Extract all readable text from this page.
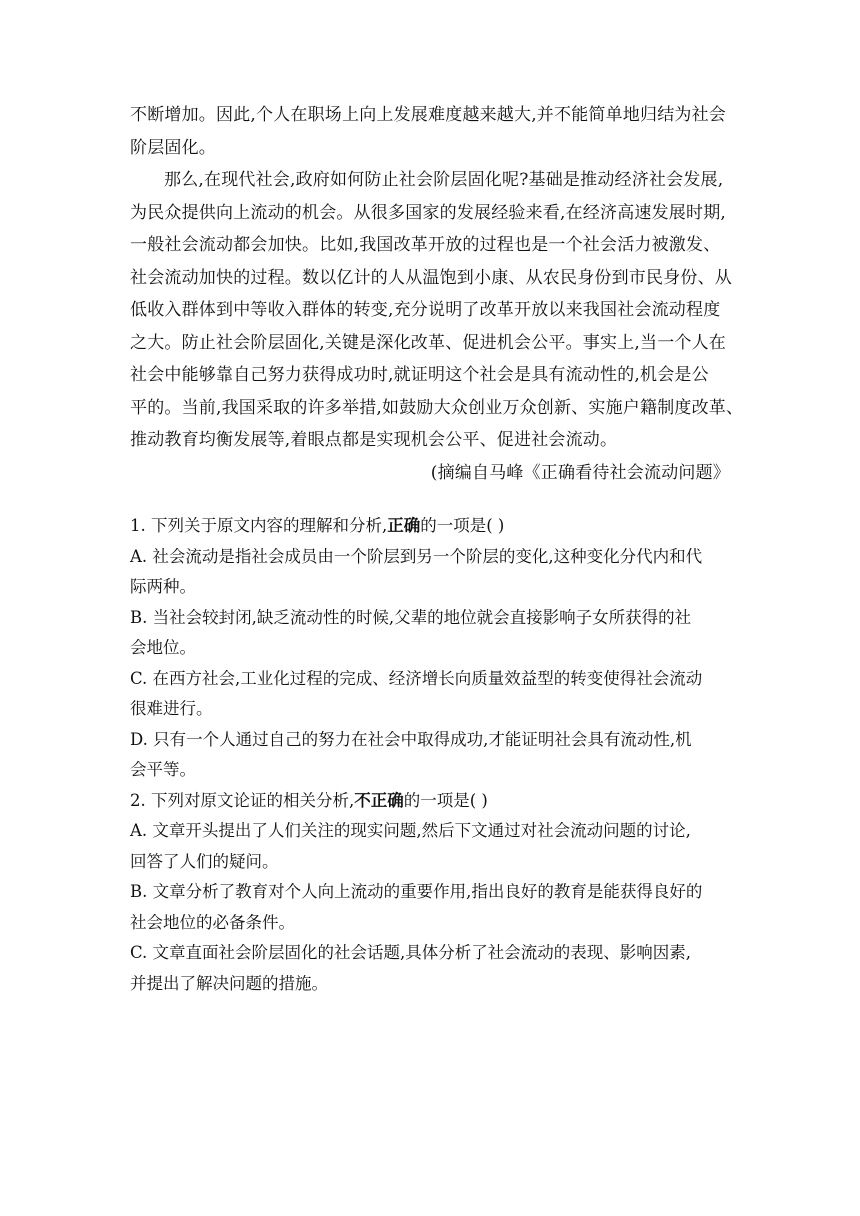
不断增加。因此,个人在职场上向上发展难度越来越大,并不能简单地归结为社会
阶层固化。

那么,在现代社会,政府如何防止社会阶层固化呢?基础是推动经济社会发展,
为民众提供向上流动的机会。从很多国家的发展经验来看,在经济高速发展时期,
一般社会流动都会加快。比如,我国改革开放的过程也是一个社会活力被激发、
社会流动加快的过程。数以亿计的人从温饱到小康、从农民身份到市民身份、从
低收入群体到中等收入群体的转变,充分说明了改革开放以来我国社会流动程度
之大。防止社会阶层固化,关键是深化改革、促进机会公平。事实上,当一个人在
社会中能够靠自己努力获得成功时,就证明这个社会是具有流动性的,机会是公
平的。当前,我国采取的许多举措,如鼓励大众创业万众创新、实施户籍制度改革、
推动教育均衡发展等,着眼点都是实现机会公平、促进社会流动。

(摘编自马峰《正确看待社会流动问题》

1. 下列关于原文内容的理解和分析,正确的一项是( )
A. 社会流动是指社会成员由一个阶层到另一个阶层的变化,这种变化分代内和代
际两种。
B. 当社会较封闭,缺乏流动性的时候,父辈的地位就会直接影响子女所获得的社
会地位。
C. 在西方社会,工业化过程的完成、经济增长向质量效益型的转变使得社会流动
很难进行。
D. 只有一个人通过自己的努力在社会中取得成功,才能证明社会具有流动性,机
会平等。
2. 下列对原文论证的相关分析,不正确的一项是( )
A. 文章开头提出了人们关注的现实问题,然后下文通过对社会流动问题的讨论,
回答了人们的疑问。
B. 文章分析了教育对个人向上流动的重要作用,指出良好的教育是能获得良好的
社会地位的必备条件。
C. 文章直面社会阶层固化的社会话题,具体分析了社会流动的表现、影响因素,
并提出了解决问题的措施。
